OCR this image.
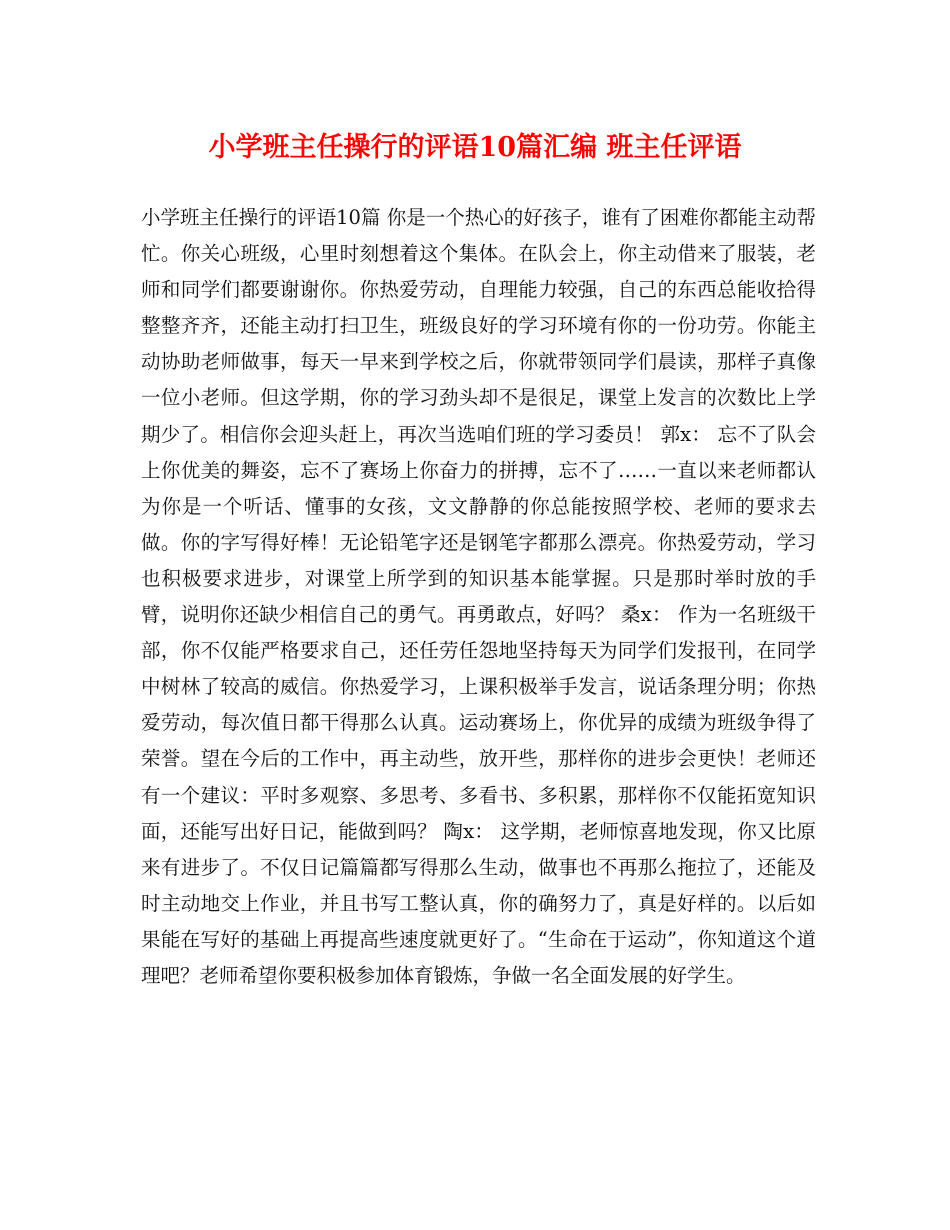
小学班主任操行的评语10篇汇编 班主任评语

小学班主任操行的评语10篇 你是一个热心的好孩子，谁有了困难你都能主动帮忙。你关心班级，心里时刻想着这个集体。在队会上，你主动借来了服装，老师和同学们都要谢谢你。你热爱劳动，自理能力较强，自己的东西总能收拾得整整齐齐，还能主动打扫卫生，班级良好的学习环境有你的一份功劳。你能主动协助老师做事，每天一早来到学校之后，你就带领同学们晨读，那样子真像一位小老师。但这学期，你的学习劲头却不是很足，课堂上发言的次数比上学期少了。相信你会迎头赶上，再次当选咱们班的学习委员！ 郭x： 忘不了队会上你优美的舞姿，忘不了赛场上你奋力的拼搏，忘不了……一直以来老师都认为你是一个听话、懂事的女孩，文文静静的你总能按照学校、老师的要求去做。你的字写得好棒！无论铅笔字还是钢笔字都那么漂亮。你热爱劳动，学习也积极要求进步，对课堂上所学到的知识基本能掌握。只是那时举时放的手臂，说明你还缺少相信自己的勇气。再勇敢点，好吗？ 桑x： 作为一名班级干部，你不仅能严格要求自己，还任劳任怨地坚持每天为同学们发报刊，在同学中树林了较高的威信。你热爱学习，上课积极举手发言，说话条理分明；你热爱劳动，每次值日都干得那么认真。运动赛场上，你优异的成绩为班级争得了荣誉。望在今后的工作中，再主动些，放开些，那样你的进步会更快！老师还有一个建议：平时多观察、多思考、多看书、多积累，那样你不仅能拓宽知识面，还能写出好日记，能做到吗？ 陶x： 这学期，老师惊喜地发现，你又比原来有进步了。不仅日记篇篇都写得那么生动，做事也不再那么拖拉了，还能及时主动地交上作业，并且书写工整认真，你的确努力了，真是好样的。以后如果能在写好的基础上再提高些速度就更好了。“生命在于运动”，你知道这个道理吧？老师希望你要积极参加体育锻炼，争做一名全面发展的好学生。
